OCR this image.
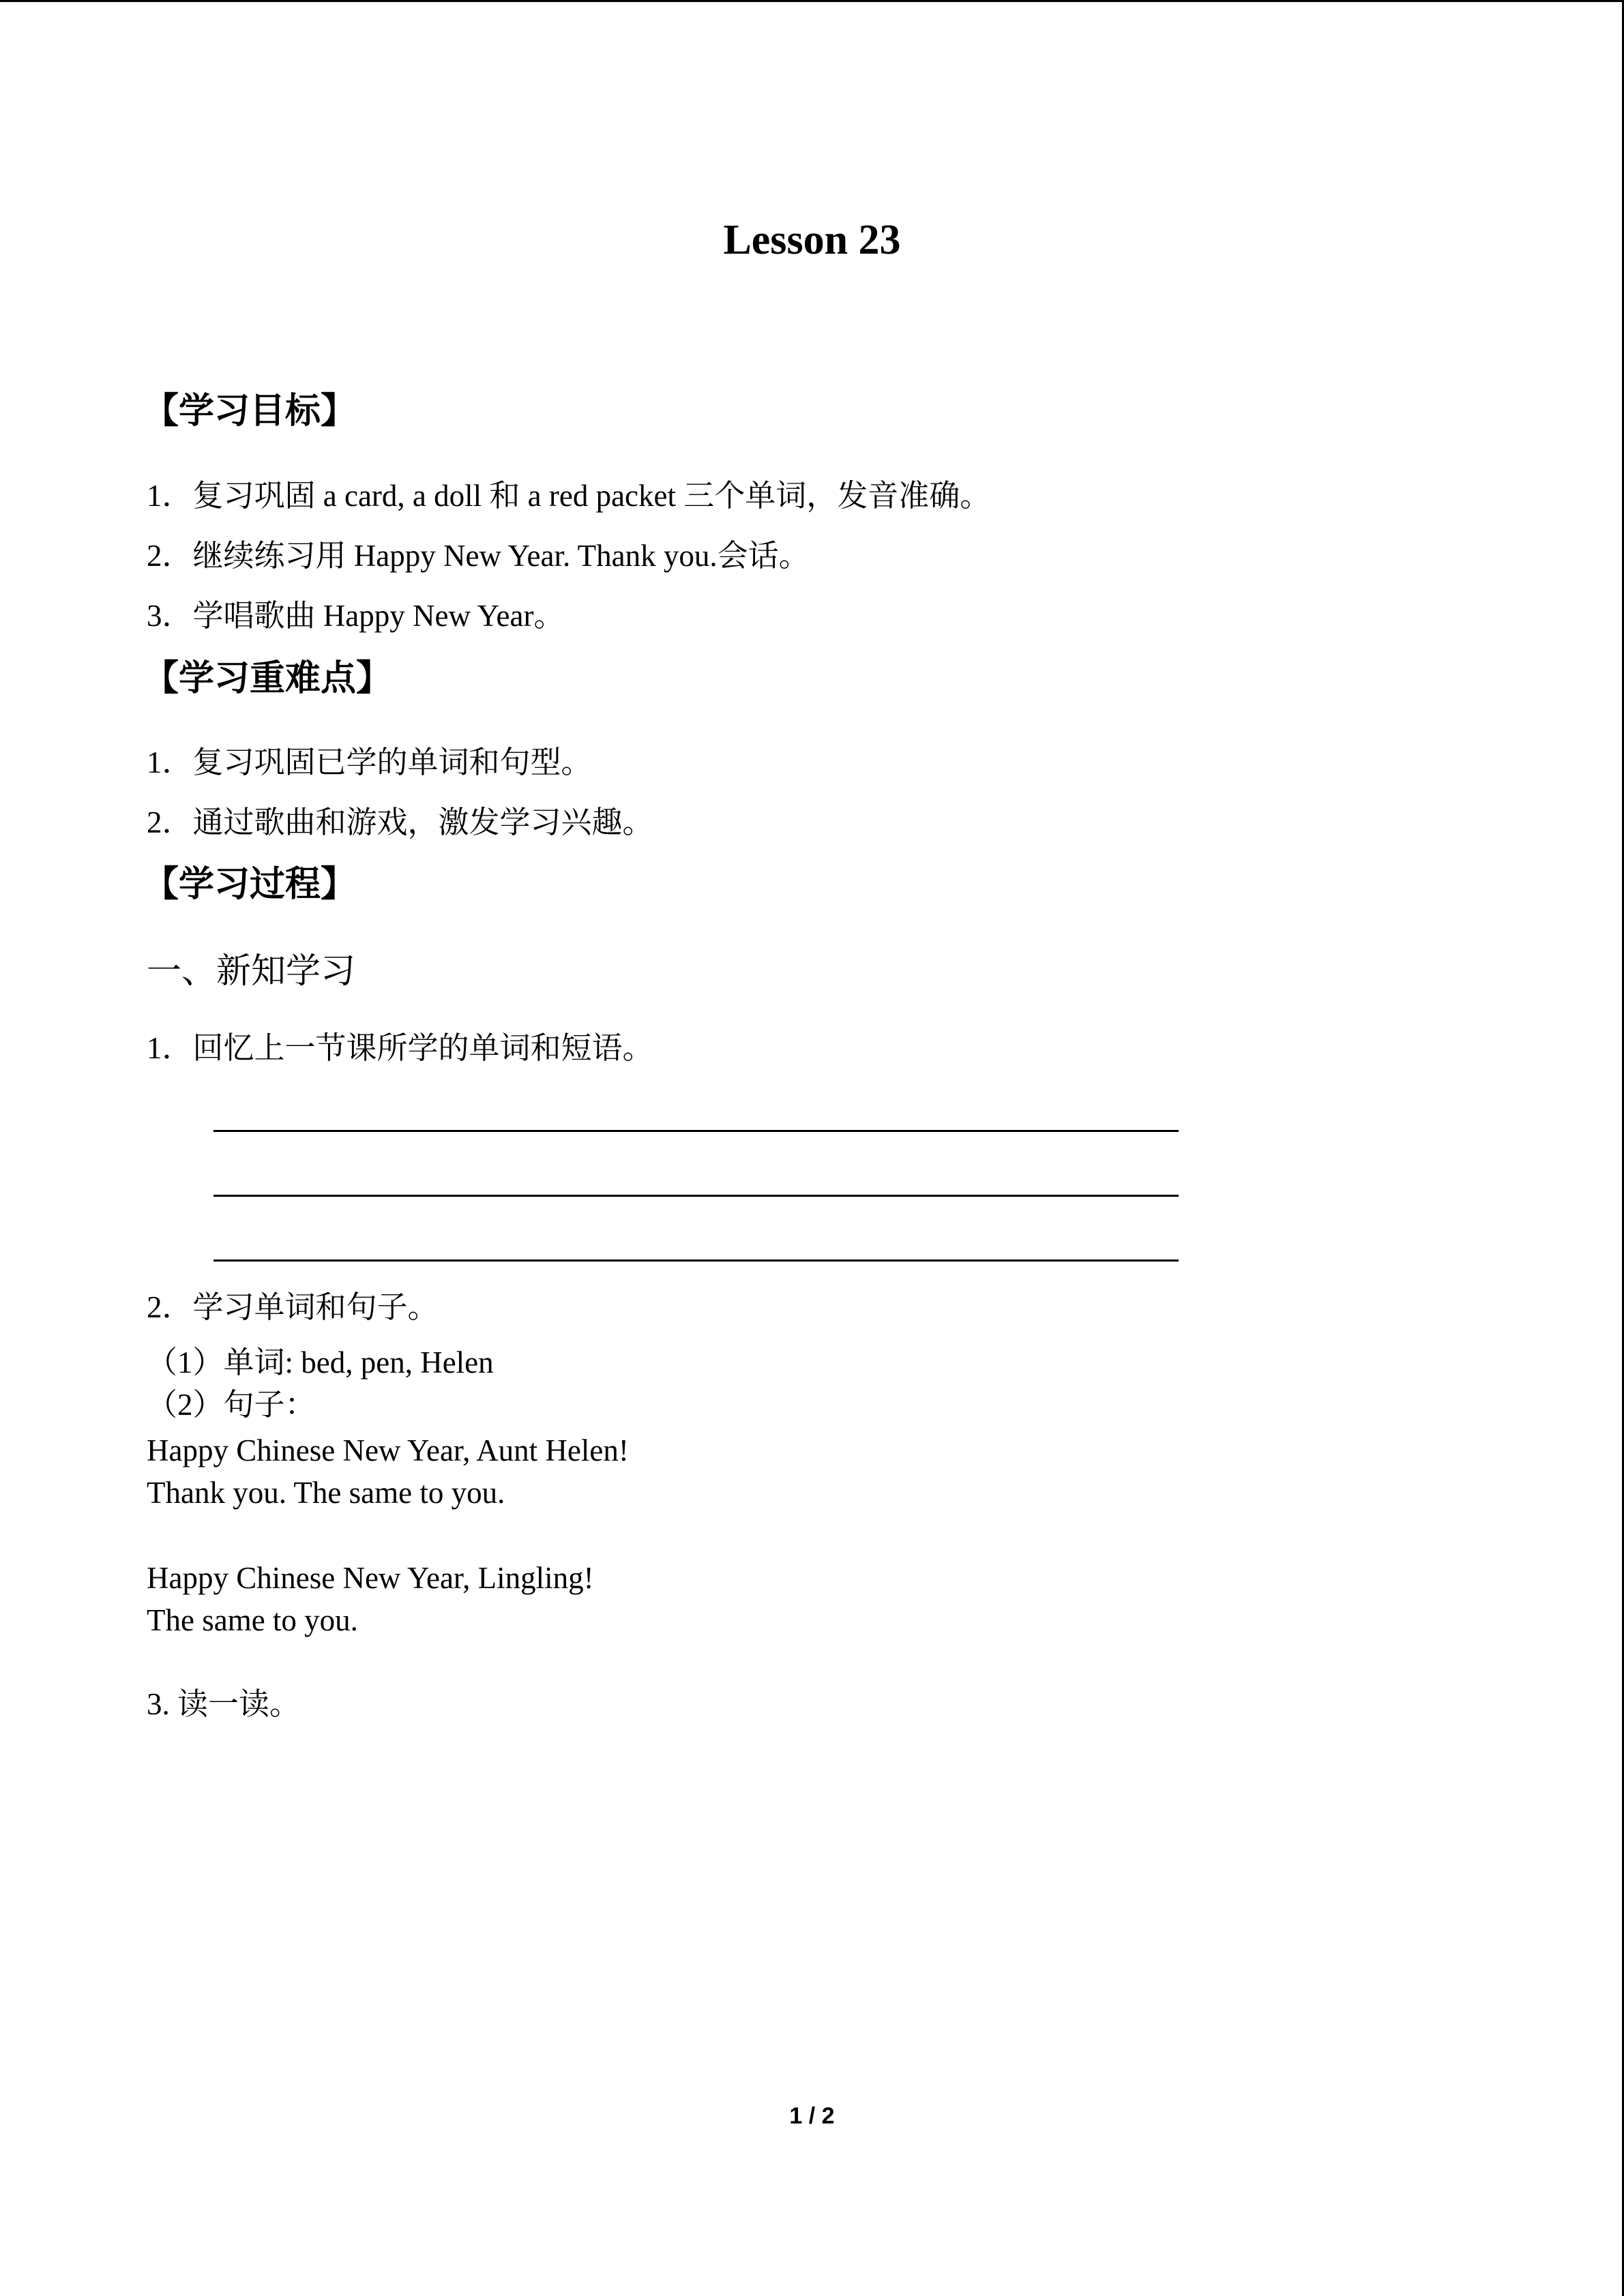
Lesson 23
【学习目标】
1．复习巩固 a card, a doll 和 a red packet 三个单词，发音准确。
2．继续练习用 Happy New Year. Thank you.会话。
3．学唱歌曲 Happy New Year。
【学习重难点】
1．复习巩固已学的单词和句型。
2．通过歌曲和游戏，激发学习兴趣。
【学习过程】
一、新知学习
1．回忆上一节课所学的单词和短语。
2．学习单词和句子。
（1）单词: bed, pen, Helen
（2）句子：
Happy Chinese New Year, Aunt Helen!
Thank you. The same to you.
Happy Chinese New Year, Lingling!
The same to you.
3. 读一读。
1 / 2
